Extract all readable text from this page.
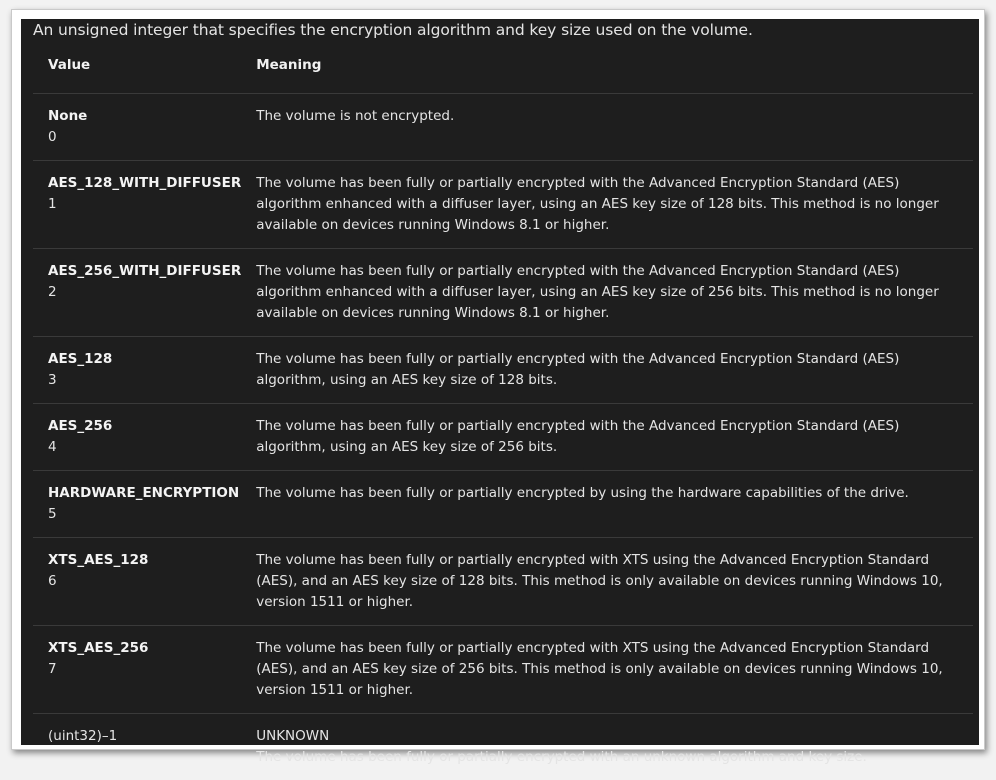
An unsigned integer that specifies the encryption algorithm and key size used on the volume.
Value	Meaning

None
0	The volume is not encrypted.

AES_128_WITH_DIFFUSER
1	The volume has been fully or partially encrypted with the Advanced Encryption Standard (AES) algorithm enhanced with a diffuser layer, using an AES key size of 128 bits. This method is no longer available on devices running Windows 8.1 or higher.

AES_256_WITH_DIFFUSER
2	The volume has been fully or partially encrypted with the Advanced Encryption Standard (AES) algorithm enhanced with a diffuser layer, using an AES key size of 256 bits. This method is no longer available on devices running Windows 8.1 or higher.

AES_128
3	The volume has been fully or partially encrypted with the Advanced Encryption Standard (AES) algorithm, using an AES key size of 128 bits.

AES_256
4	The volume has been fully or partially encrypted with the Advanced Encryption Standard (AES) algorithm, using an AES key size of 256 bits.

HARDWARE_ENCRYPTION
5	The volume has been fully or partially encrypted by using the hardware capabilities of the drive.

XTS_AES_128
6	The volume has been fully or partially encrypted with XTS using the Advanced Encryption Standard (AES), and an AES key size of 128 bits. This method is only available on devices running Windows 10, version 1511 or higher.

XTS_AES_256
7	The volume has been fully or partially encrypted with XTS using the Advanced Encryption Standard (AES), and an AES key size of 256 bits. This method is only available on devices running Windows 10, version 1511 or higher.

(uint32)–1	UNKNOWN
The volume has been fully or partially encrypted with an unknown algorithm and key size.
